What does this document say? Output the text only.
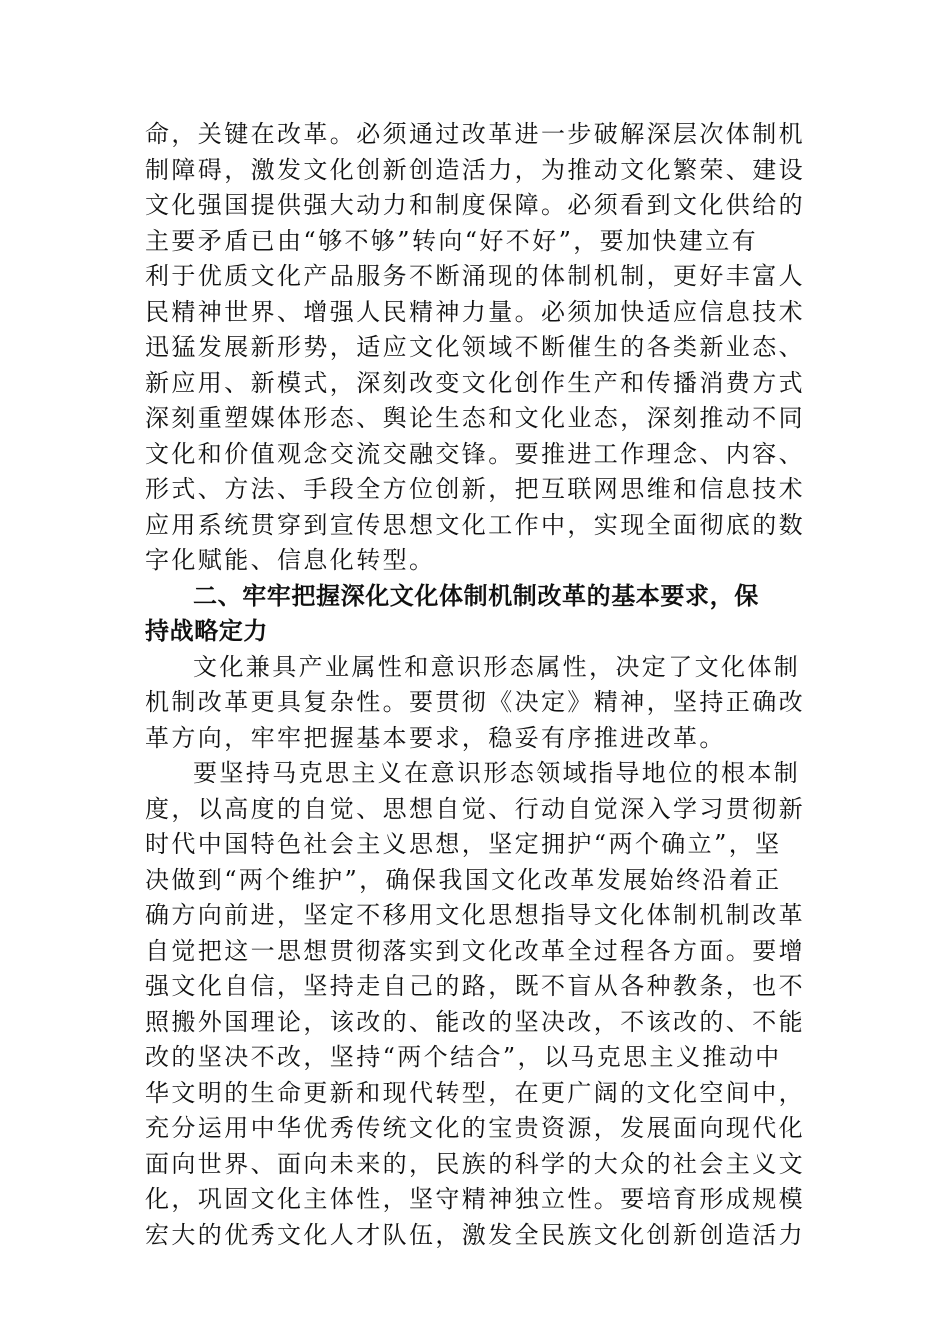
命，关键在改革。必须通过改革进一步破解深层次体制机
制障碍，激发文化创新创造活力，为推动文化繁荣、建设
文化强国提供强大动力和制度保障。必须看到文化供给的
主要矛盾已由“够不够”转向“好不好”，要加快建立有
利于优质文化产品服务不断涌现的体制机制，更好丰富人
民精神世界、增强人民精神力量。必须加快适应信息技术
迅猛发展新形势，适应文化领域不断催生的各类新业态、
新应用、新模式，深刻改变文化创作生产和传播消费方式
深刻重塑媒体形态、舆论生态和文化业态，深刻推动不同
文化和价值观念交流交融交锋。要推进工作理念、内容、
形式、方法、手段全方位创新，把互联网思维和信息技术
应用系统贯穿到宣传思想文化工作中，实现全面彻底的数
字化赋能、信息化转型。
二、牢牢把握深化文化体制机制改革的基本要求，保
持战略定力
文化兼具产业属性和意识形态属性，决定了文化体制
机制改革更具复杂性。要贯彻《决定》精神，坚持正确改
革方向，牢牢把握基本要求，稳妥有序推进改革。
要坚持马克思主义在意识形态领域指导地位的根本制
度，以高度的自觉、思想自觉、行动自觉深入学习贯彻新
时代中国特色社会主义思想，坚定拥护“两个确立”，坚
决做到“两个维护”，确保我国文化改革发展始终沿着正
确方向前进，坚定不移用文化思想指导文化体制机制改革
自觉把这一思想贯彻落实到文化改革全过程各方面。要增
强文化自信，坚持走自己的路，既不盲从各种教条，也不
照搬外国理论，该改的、能改的坚决改，不该改的、不能
改的坚决不改，坚持“两个结合”，以马克思主义推动中
华文明的生命更新和现代转型，在更广阔的文化空间中，
充分运用中华优秀传统文化的宝贵资源，发展面向现代化
面向世界、面向未来的，民族的科学的大众的社会主义文
化，巩固文化主体性，坚守精神独立性。要培育形成规模
宏大的优秀文化人才队伍，激发全民族文化创新创造活力
